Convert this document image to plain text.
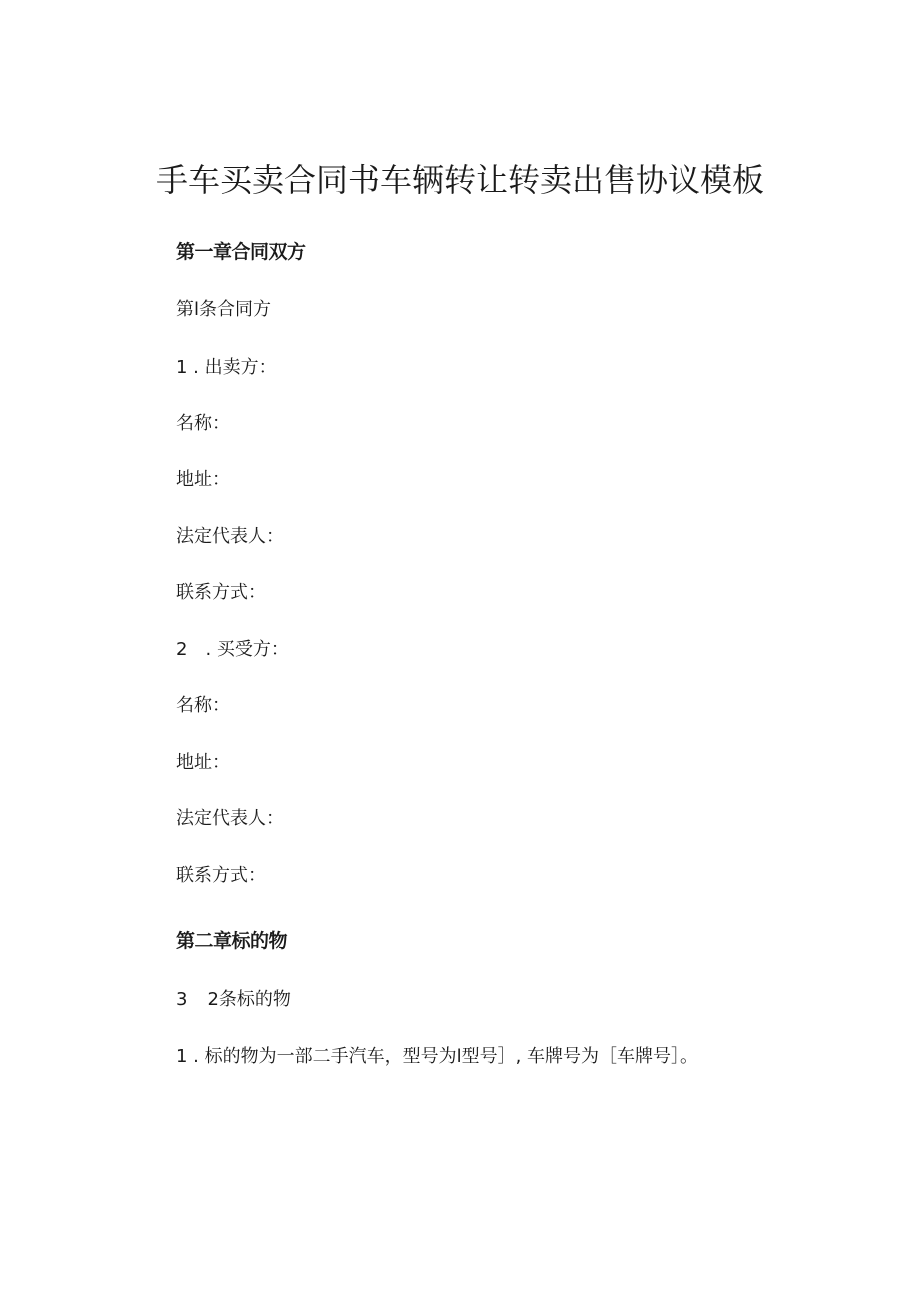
手车买卖合同书车辆转让转卖出售协议模板

第一章合同双方

第l条合同方

1 . 出卖方：

名称：

地址：

法定代表人：

联系方式：

2　. 买受方：

名称：

地址：

法定代表人：

联系方式：

第二章标的物

3 2条标的物

1 . 标的物为一部二手汽车，型号为l型号］, 车牌号为［车牌号］。
